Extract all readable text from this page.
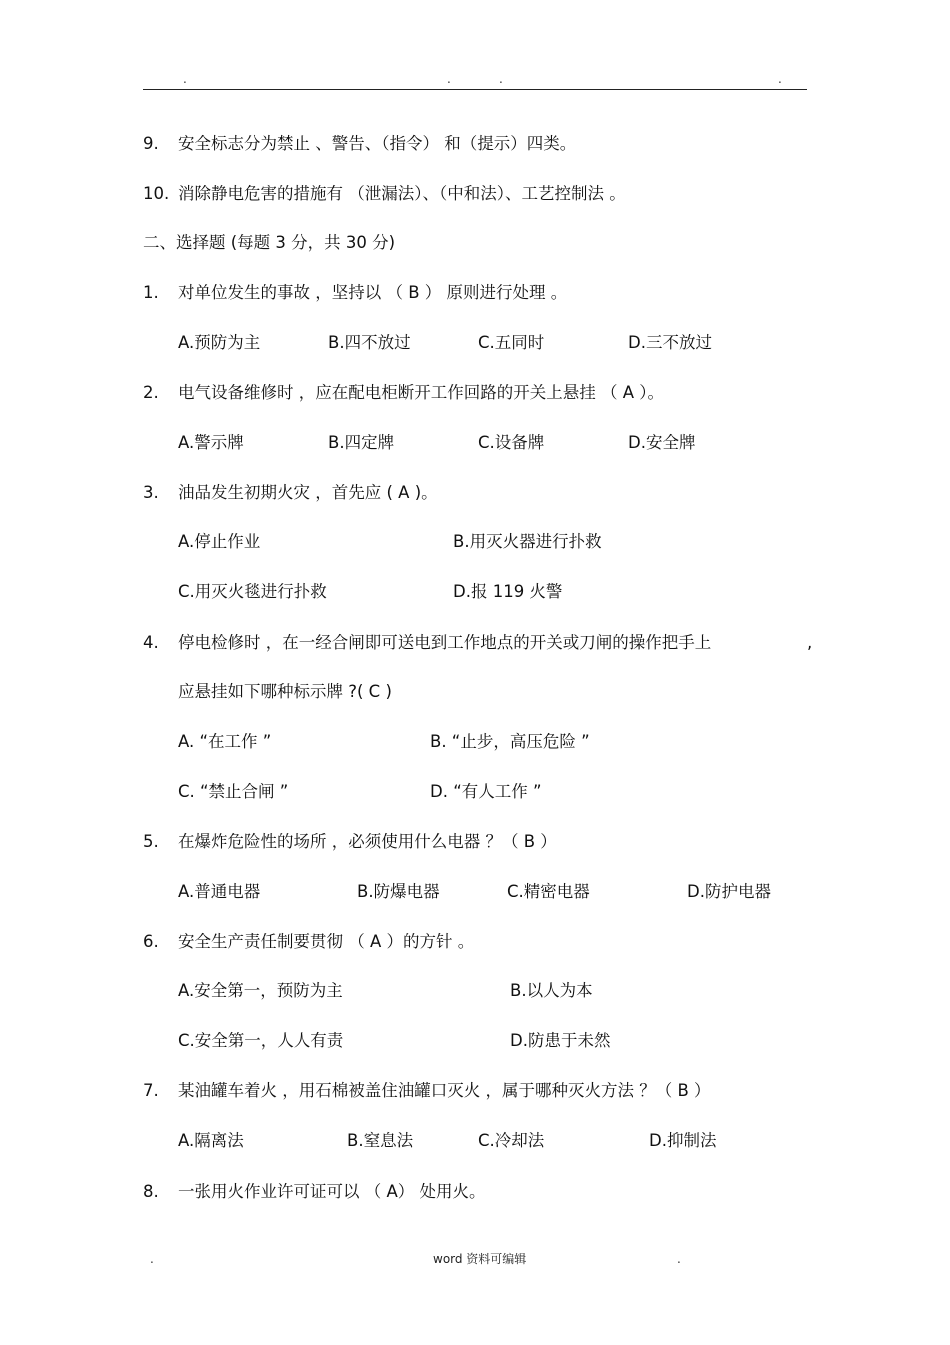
.	.	.	.
9. 安全标志分为禁止 、警告、（指令） 和（提示）四类。
10. 消除静电危害的措施有 （泄漏法）、（中和法）、工艺控制法 。
二、选择题 (每题 3 分，共 30 分)
1. 对单位发生的事故 ，坚持以 （ B ） 原则进行处理 。
A.预防为主	B.四不放过	C.五同时	D.三不放过
2. 电气设备维修时 ，应在配电柜断开工作回路的开关上悬挂 （ A ）。
A.警示牌	B.四定牌	C.设备牌	D.安全牌
3. 油品发生初期火灾 ，首先应 ( A )。
A.停止作业	B.用灭火器进行扑救
C.用灭火毯进行扑救	D.报 119 火警
4. 停电检修时 ，在一经合闸即可送电到工作地点的开关或刀闸的操作把手上	,
应悬挂如下哪种标示牌 ?( C )
A. “在工作 ”	B. “止步，高压危险 ”
C. “禁止合闸 ”	D. “有人工作 ”
5. 在爆炸危险性的场所 ，必须使用什么电器 ？（ B ）
A.普通电器	B.防爆电器	C.精密电器	D.防护电器
6. 安全生产责任制要贯彻 （ A ）的方针 。
A.安全第一，预防为主	B.以人为本
C.安全第一，人人有责	D.防患于未然
7. 某油罐车着火 ，用石棉被盖住油罐口灭火 ，属于哪种灭火方法 ？（ B ）
A.隔离法	B.窒息法	C.冷却法	D.抑制法
8. 一张用火作业许可证可以 （ A） 处用火。
.	word 资料可编辑	.
